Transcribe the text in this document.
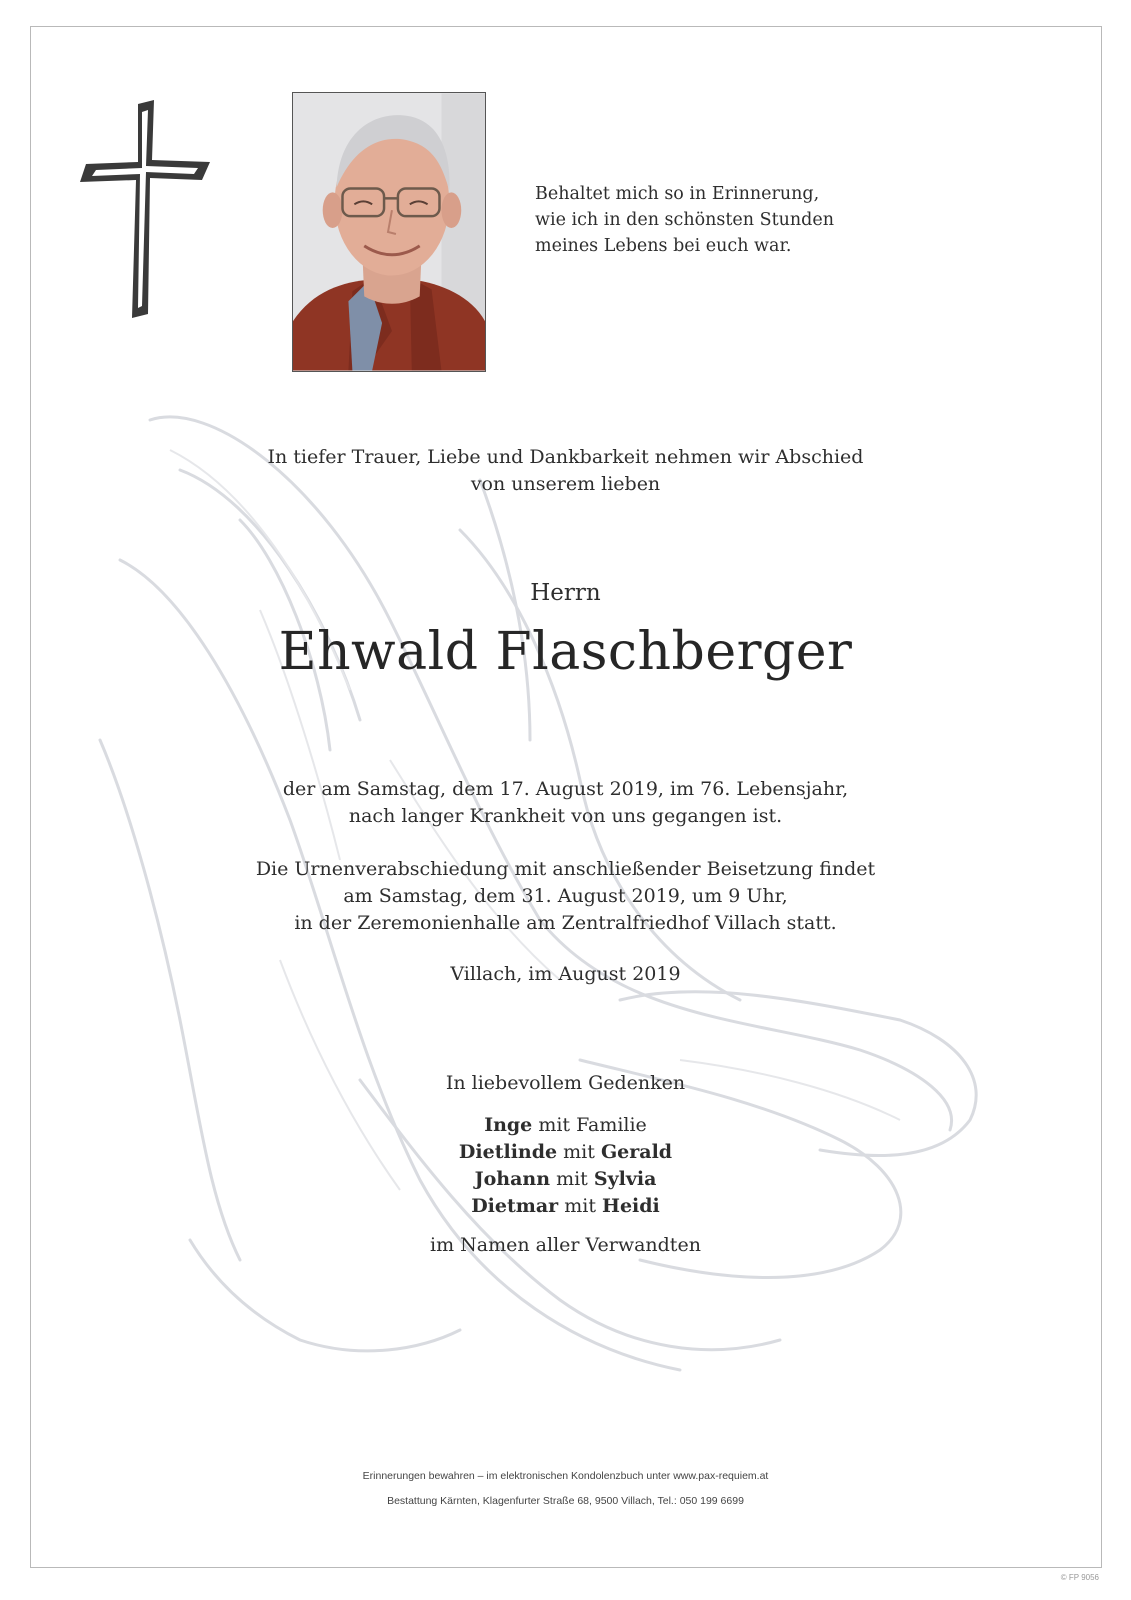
Behaltet mich so in Erinnerung,
wie ich in den schönsten Stunden
meines Lebens bei euch war.
In tiefer Trauer, Liebe und Dankbarkeit nehmen wir Abschied
von unserem lieben
Herrn
Ehwald Flaschberger
der am Samstag, dem 17. August 2019, im 76. Lebensjahr,
nach langer Krankheit von uns gegangen ist.
Die Urnenverabschiedung mit anschließender Beisetzung findet
am Samstag, dem 31. August 2019, um 9 Uhr,
in der Zeremonienhalle am Zentralfriedhof Villach statt.
Villach, im August 2019
In liebevollem Gedenken
Inge mit Familie
Dietlinde mit Gerald
Johann mit Sylvia
Dietmar mit Heidi
im Namen aller Verwandten
Erinnerungen bewahren – im elektronischen Kondolenzbuch unter www.pax-requiem.at
Bestattung Kärnten, Klagenfurter Straße 68, 9500 Villach, Tel.: 050 199 6699
© FP 9056
